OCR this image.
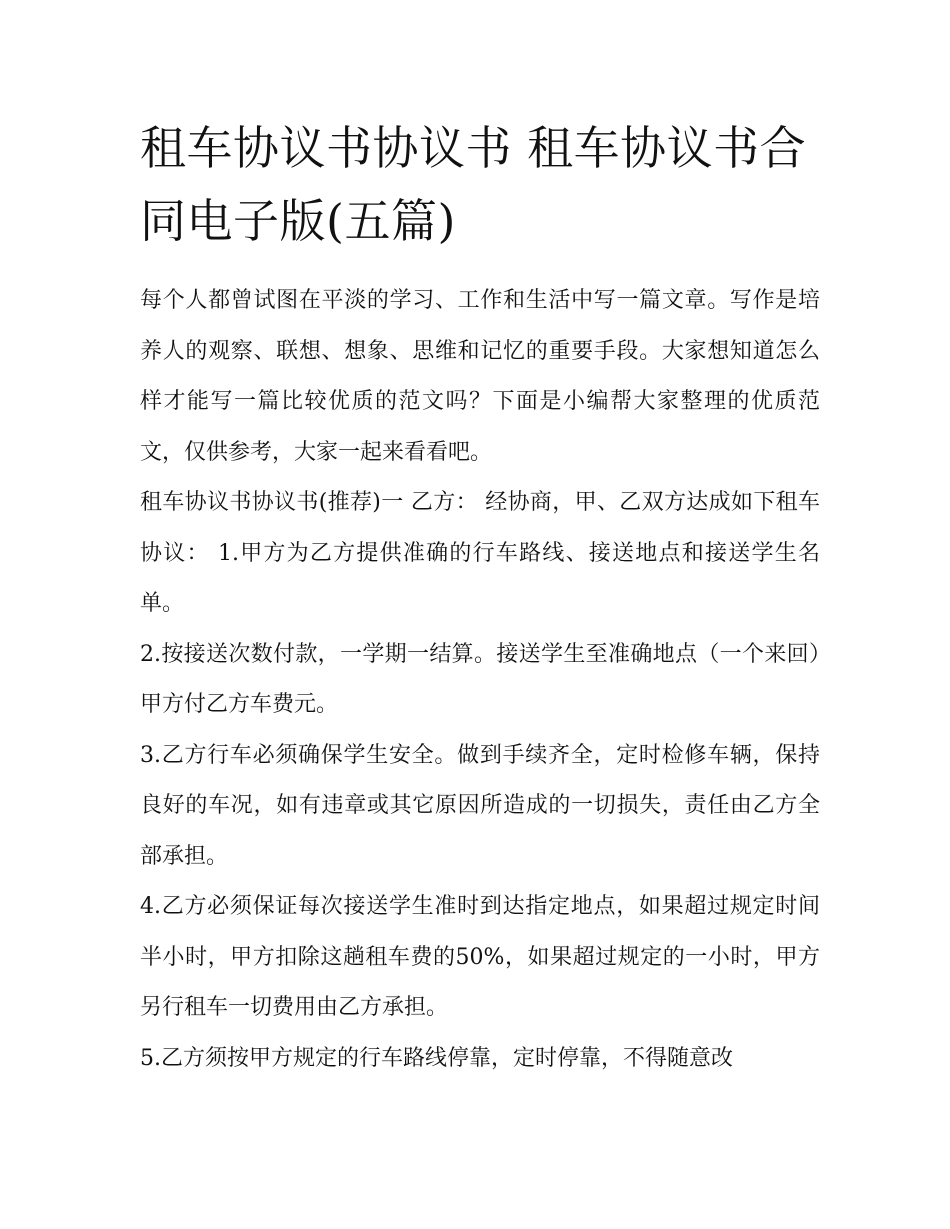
租车协议书协议书 租车协议书合同电子版(五篇)

每个人都曾试图在平淡的学习、工作和生活中写一篇文章。写作是培养人的观察、联想、想象、思维和记忆的重要手段。大家想知道怎么样才能写一篇比较优质的范文吗？下面是小编帮大家整理的优质范文，仅供参考，大家一起来看看吧。

租车协议书协议书(推荐)一 乙方： 经协商，甲、乙双方达成如下租车协议： 1.甲方为乙方提供准确的行车路线、接送地点和接送学生名单。

2.按接送次数付款，一学期一结算。接送学生至准确地点（一个来回）甲方付乙方车费元。

3.乙方行车必须确保学生安全。做到手续齐全，定时检修车辆，保持良好的车况，如有违章或其它原因所造成的一切损失，责任由乙方全部承担。

4.乙方必须保证每次接送学生准时到达指定地点，如果超过规定时间半小时，甲方扣除这趟租车费的50%，如果超过规定的一小时，甲方另行租车一切费用由乙方承担。

5.乙方须按甲方规定的行车路线停靠，定时停靠，不得随意改
